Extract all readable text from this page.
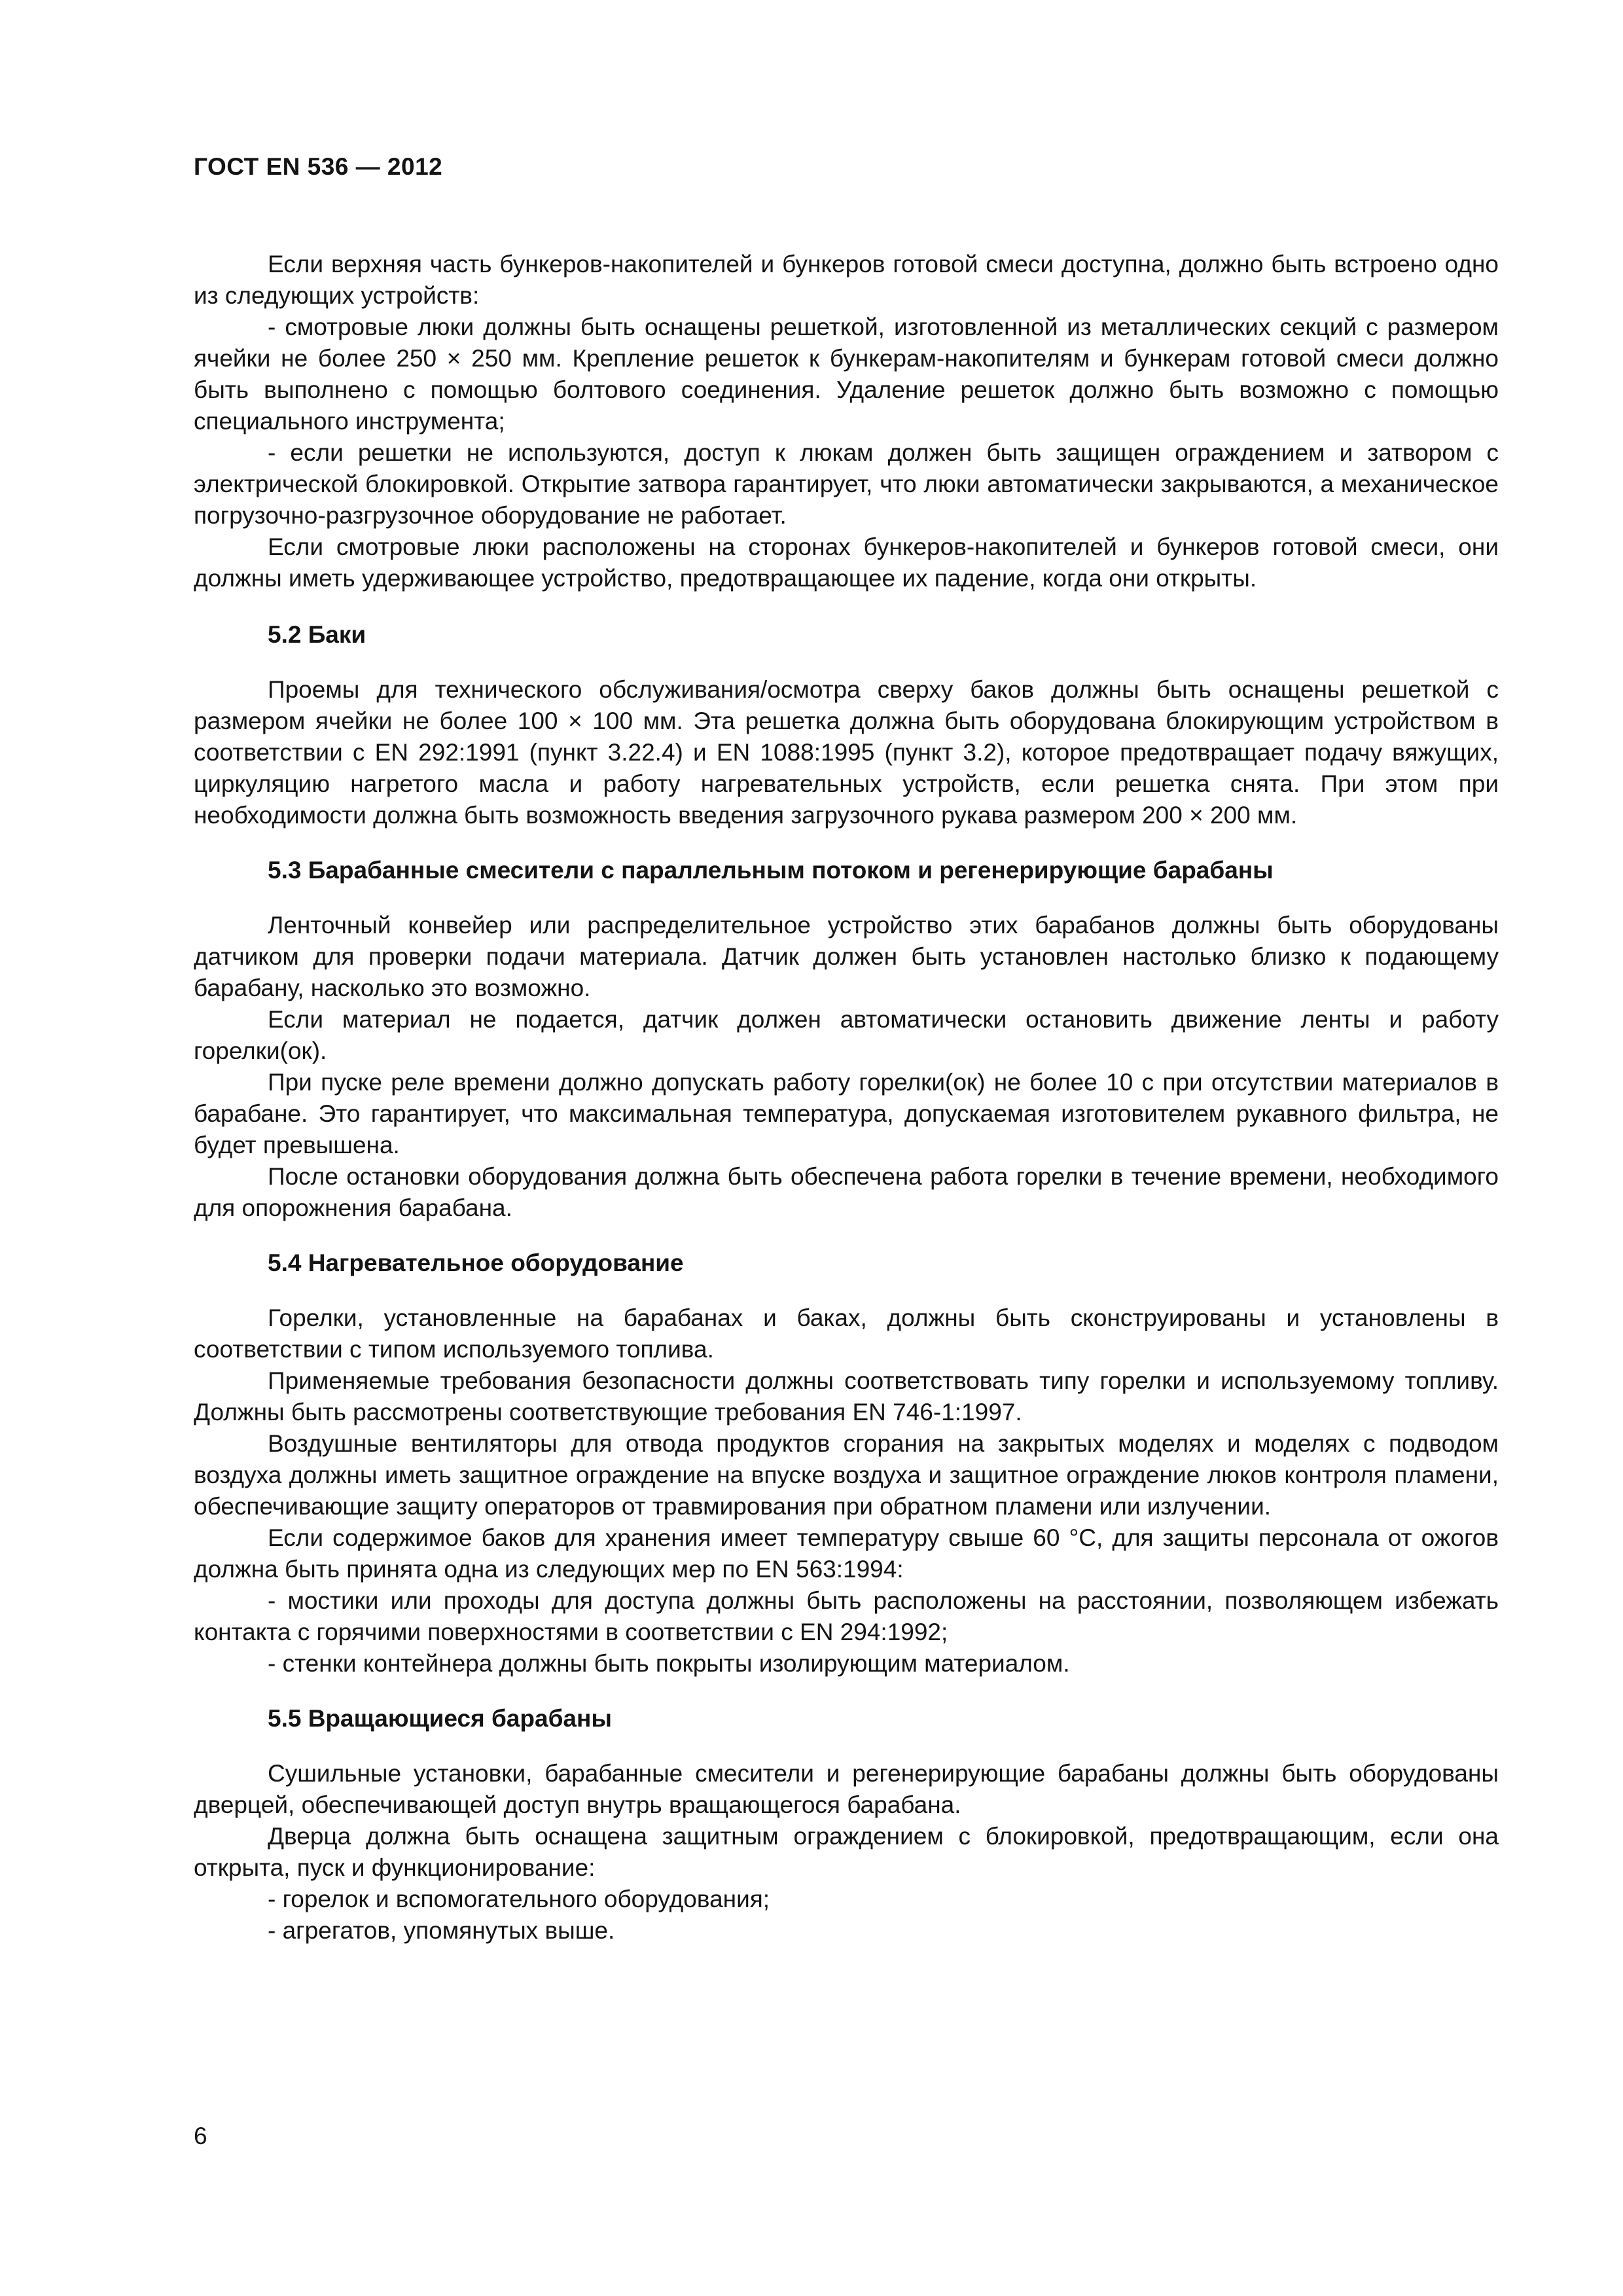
ГОСТ EN 536 — 2012

Если верхняя часть бункеров-накопителей и бункеров готовой смеси доступна, должно быть встроено одно из следующих устройств:

- смотровые люки должны быть оснащены решеткой, изготовленной из металлических секций с размером ячейки не более 250 × 250 мм. Крепление решеток к бункерам-накопителям и бункерам готовой смеси должно быть выполнено с помощью болтового соединения. Удаление решеток должно быть возможно с помощью специального инструмента;

- если решетки не используются, доступ к люкам должен быть защищен ограждением и затвором с электрической блокировкой. Открытие затвора гарантирует, что люки автоматически закрываются, а механическое погрузочно-разгрузочное оборудование не работает.

Если смотровые люки расположены на сторонах бункеров-накопителей и бункеров готовой смеси, они должны иметь удерживающее устройство, предотвращающее их падение, когда они открыты.

5.2 Баки

Проемы для технического обслуживания/осмотра сверху баков должны быть оснащены решеткой с размером ячейки не более 100 × 100 мм. Эта решетка должна быть оборудована блокирующим устройством в соответствии с EN 292:1991 (пункт 3.22.4) и EN 1088:1995 (пункт 3.2), которое предотвращает подачу вяжущих, циркуляцию нагретого масла и работу нагревательных устройств, если решетка снята. При этом при необходимости должна быть возможность введения загрузочного рукава размером 200 × 200 мм.

5.3 Барабанные смесители с параллельным потоком и регенерирующие барабаны

Ленточный конвейер или распределительное устройство этих барабанов должны быть оборудованы датчиком для проверки подачи материала. Датчик должен быть установлен настолько близко к подающему барабану, насколько это возможно.

Если материал не подается, датчик должен автоматически остановить движение ленты и работу горелки(ок).

При пуске реле времени должно допускать работу горелки(ок) не более 10 с при отсутствии материалов в барабане. Это гарантирует, что максимальная температура, допускаемая изготовителем рукавного фильтра, не будет превышена.

После остановки оборудования должна быть обеспечена работа горелки в течение времени, необходимого для опорожнения барабана.

5.4 Нагревательное оборудование

Горелки, установленные на барабанах и баках, должны быть сконструированы и установлены в соответствии с типом используемого топлива.

Применяемые требования безопасности должны соответствовать типу горелки и используемому топливу. Должны быть рассмотрены соответствующие требования EN 746-1:1997.

Воздушные вентиляторы для отвода продуктов сгорания на закрытых моделях и моделях с подводом воздуха должны иметь защитное ограждение на впуске воздуха и защитное ограждение люков контроля пламени, обеспечивающие защиту операторов от травмирования при обратном пламени или излучении.

Если содержимое баков для хранения имеет температуру свыше 60 °С, для защиты персонала от ожогов должна быть принята одна из следующих мер по EN 563:1994:

- мостики или проходы для доступа должны быть расположены на расстоянии, позволяющем избежать контакта с горячими поверхностями в соответствии с EN 294:1992;

- стенки контейнера должны быть покрыты изолирующим материалом.

5.5 Вращающиеся барабаны

Сушильные установки, барабанные смесители и регенерирующие барабаны должны быть оборудованы дверцей, обеспечивающей доступ внутрь вращающегося барабана.

Дверца должна быть оснащена защитным ограждением с блокировкой, предотвращающим, если она открыта, пуск и функционирование:

- горелок и вспомогательного оборудования;

- агрегатов, упомянутых выше.

6
